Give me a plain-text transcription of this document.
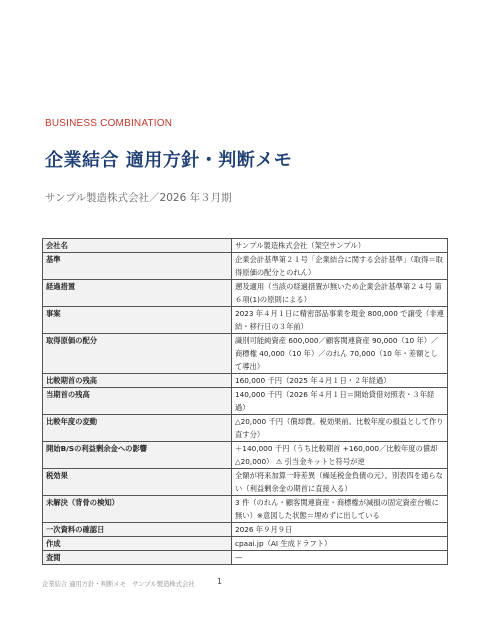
BUSINESS COMBINATION
企業結合 適用方針・判断メモ
サンプル製造株式会社／2026 年３月期
会社名	サンプル製造株式会社（架空サンプル）
基準	企業会計基準第２１号「企業結合に関する会計基準」（取得＝取得原価の配分とのれん）
経過措置	遡及適用（当該の経過措置が無いため企業会計基準第２４号 第６項(1)の原則による）
事案	2023 年４月１日に精密部品事業を現金 800,000 で譲受（非連結・移行日の３年前）
取得原価の配分	識別可能純資産 600,000／顧客関連資産 90,000（10 年）／商標権 40,000（10 年）／のれん 70,000（10 年・差額として導出）
比較期首の残高	160,000 千円（2025 年４月１日・２年経過）
当期首の残高	140,000 千円（2026 年４月１日＝開始貸借対照表・３年経過）
比較年度の変動	△20,000 千円（償却費。税効果前。比較年度の損益として作り直す分）
開始B/Sの利益剰余金への影響	＋140,000 千円（うち比較期首 +160,000／比較年度の償却 △20,000） ⚠ 引当金キットと符号が逆
税効果	全額が将来加算一時差異（繰延税金負債の元）。別表四を通らない（利益剰余金の期首に直接入る）
未解決（背骨の検知）	3 件（のれん・顧客関連資産・商標権が減損の固定資産台帳に無い）※意図した状態＝埋めずに出している
一次資料の確認日	2026 年９月９日
作成	cpaai.jp（AI 生成ドラフト）
査閲	—
企業結合 適用方針・判断メモ　サンプル製造株式会社	1
